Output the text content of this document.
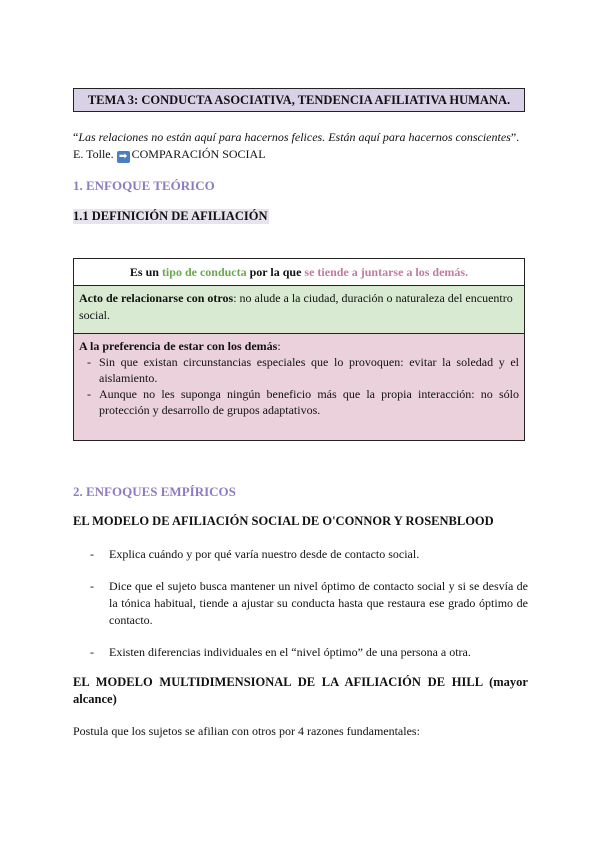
TEMA 3: CONDUCTA ASOCIATIVA, TENDENCIA AFILIATIVA HUMANA.
“Las relaciones no están aquí para hacernos felices. Están aquí para hacernos conscientes”.
E. Tolle. ➡ COMPARACIÓN SOCIAL
1. ENFOQUE TEÓRICO
1.1 DEFINICIÓN DE AFILIACIÓN
Es un tipo de conducta por la que se tiende a juntarse a los demás.
Acto de relacionarse con otros: no alude a la ciudad, duración o naturaleza del encuentro social.
A la preferencia de estar con los demás:
- Sin que existan circunstancias especiales que lo provoquen: evitar la soledad y el aislamiento.
- Aunque no les suponga ningún beneficio más que la propia interacción: no sólo protección y desarrollo de grupos adaptativos.
2. ENFOQUES EMPÍRICOS
EL MODELO DE AFILIACIÓN SOCIAL DE O'CONNOR Y ROSENBLOOD
-	Explica cuándo y por qué varía nuestro desde de contacto social.
-	Dice que el sujeto busca mantener un nivel óptimo de contacto social y si se desvía de la tónica habitual, tiende a ajustar su conducta hasta que restaura ese grado óptimo de contacto.
-	Existen diferencias individuales en el “nivel óptimo” de una persona a otra.
EL MODELO MULTIDIMENSIONAL DE LA AFILIACIÓN DE HILL (mayor alcance)
Postula que los sujetos se afilian con otros por 4 razones fundamentales:
